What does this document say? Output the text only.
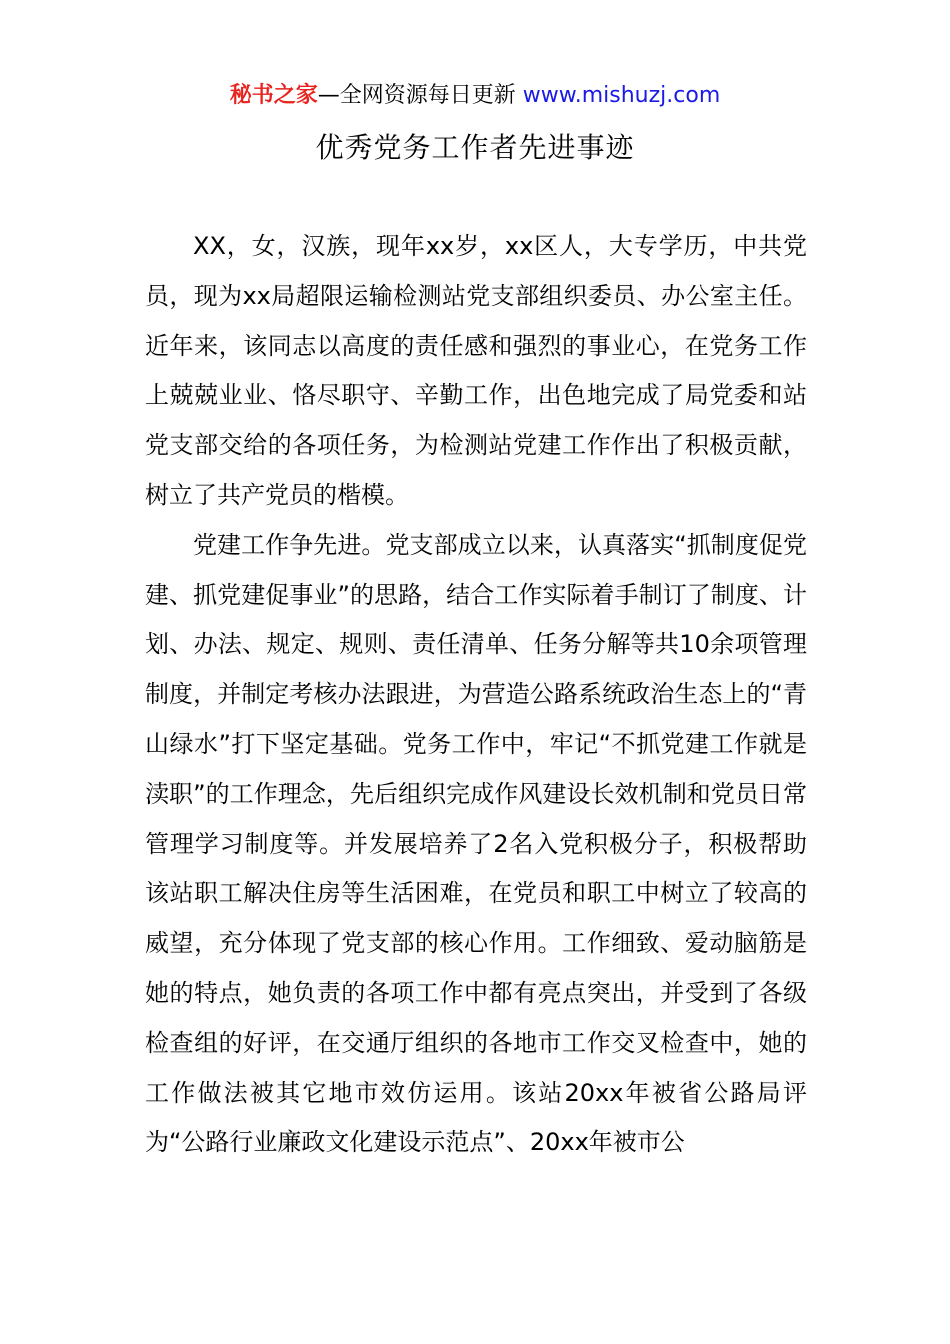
秘书之家—全网资源每日更新 www.mishuzj.com
优秀党务工作者先进事迹

XX，女，汉族，现年xx岁，xx区人，大专学历，中共党员，现为xx局超限运输检测站党支部组织委员、办公室主任。近年来，该同志以高度的责任感和强烈的事业心，在党务工作上兢兢业业、恪尽职守、辛勤工作，出色地完成了局党委和站党支部交给的各项任务，为检测站党建工作作出了积极贡献，树立了共产党员的楷模。

党建工作争先进。党支部成立以来，认真落实“抓制度促党建、抓党建促事业”的思路，结合工作实际着手制订了制度、计划、办法、规定、规则、责任清单、任务分解等共10余项管理制度，并制定考核办法跟进，为营造公路系统政治生态上的“青山绿水”打下坚定基础。党务工作中，牢记“不抓党建工作就是渎职”的工作理念，先后组织完成作风建设长效机制和党员日常管理学习制度等。并发展培养了2名入党积极分子，积极帮助该站职工解决住房等生活困难，在党员和职工中树立了较高的威望，充分体现了党支部的核心作用。工作细致、爱动脑筋是她的特点，她负责的各项工作中都有亮点突出，并受到了各级检查组的好评，在交通厅组织的各地市工作交叉检查中，她的工作做法被其它地市效仿运用。该站20xx年被省公路局评为“公路行业廉政文化建设示范点”、20xx年被市公
